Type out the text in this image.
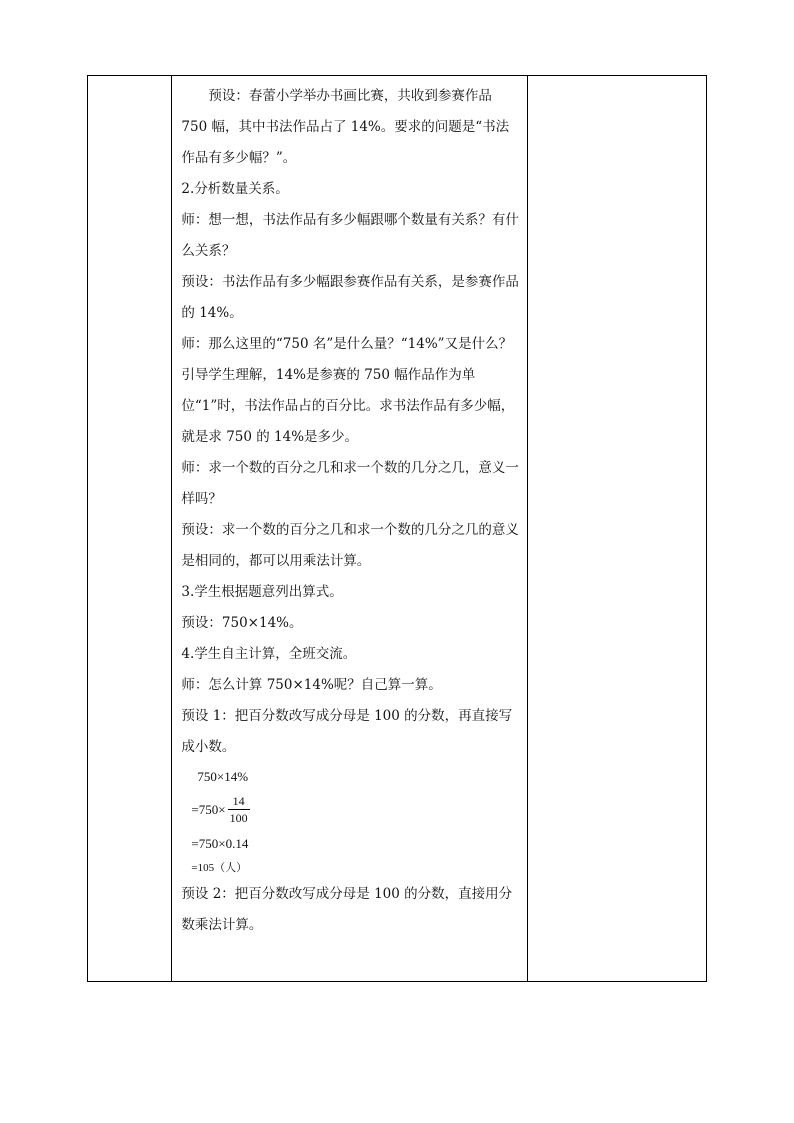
预设：春蕾小学举办书画比赛，共收到参赛作品 750 幅，其中书法作品占了 14%。要求的问题是“书法作品有多少幅？”。

2.分析数量关系。

师：想一想，书法作品有多少幅跟哪个数量有关系？有什么关系？

预设：书法作品有多少幅跟参赛作品有关系，是参赛作品的 14%。

师：那么这里的“750 名”是什么量？“14%”又是什么？

引导学生理解，14%是参赛的 750 幅作品作为单位“1”时，书法作品占的百分比。求书法作品有多少幅，就是求 750 的 14%是多少。

师：求一个数的百分之几和求一个数的几分之几，意义一样吗？

预设：求一个数的百分之几和求一个数的几分之几的意义是相同的，都可以用乘法计算。

3.学生根据题意列出算式。

预设：750×14%。

4.学生自主计算，全班交流。

师：怎么计算 750×14%呢？自己算一算。

预设 1：把百分数改写成分母是 100 的分数，再直接写成小数。

750×14%
$=750\times \frac{14}{100}$
=750×0.14
=105（人）

预设 2：把百分数改写成分母是 100 的分数，直接用分数乘法计算。
